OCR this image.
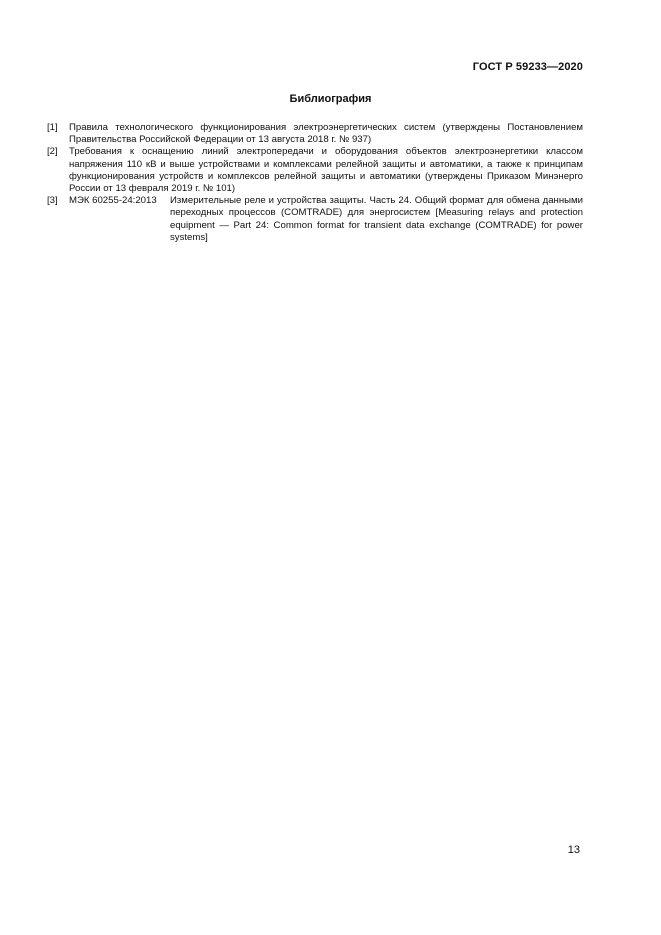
ГОСТ Р 59233—2020
Библиография
[1] Правила технологического функционирования электроэнергетических систем (утверждены Постановлением Правительства Российской Федерации от 13 августа 2018 г. № 937)
[2] Требования к оснащению линий электропередачи и оборудования объектов электроэнергетики классом напряжения 110 кВ и выше устройствами и комплексами релейной защиты и автоматики, а также к принципам функционирования устройств и комплексов релейной защиты и автоматики (утверждены Приказом Минэнерго России от 13 февраля 2019 г. № 101)
[3] МЭК 60255-24:2013 Измерительные реле и устройства защиты. Часть 24. Общий формат для обмена данными переходных процессов (COMTRADE) для энергосистем [Measuring relays and protection equipment — Part 24: Common format for transient data exchange (COMTRADE) for power systems]
13
